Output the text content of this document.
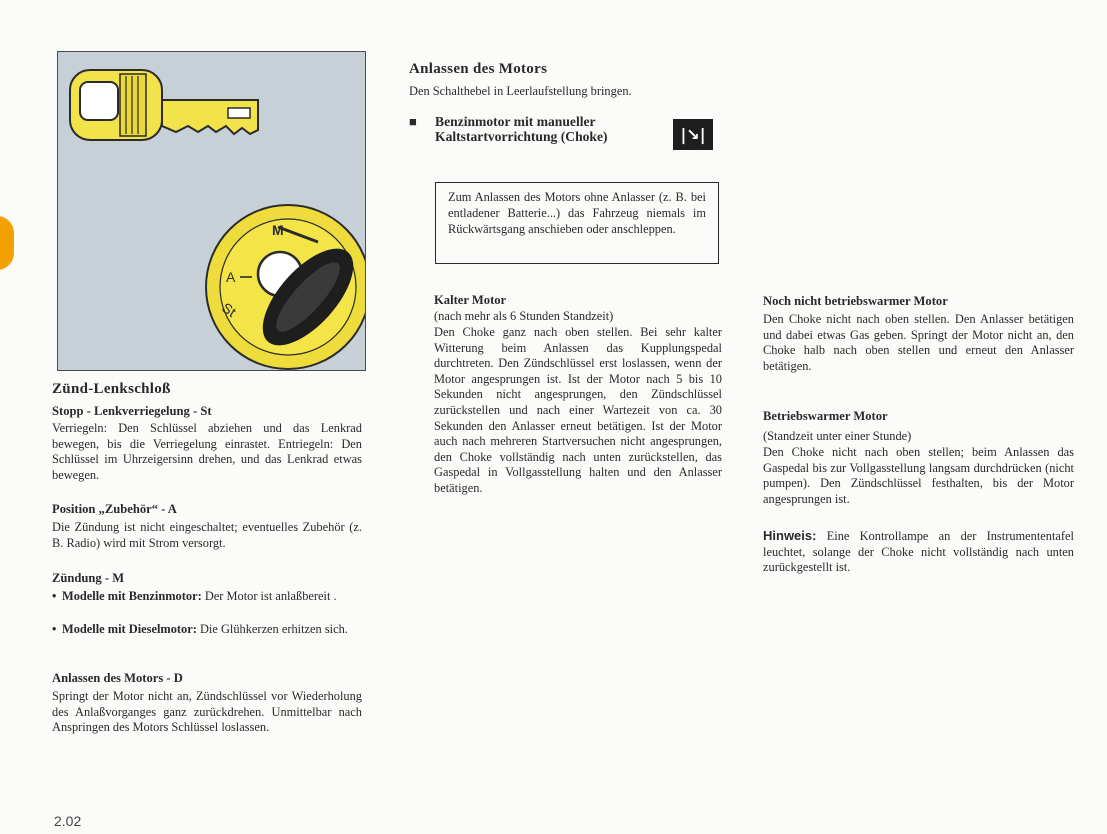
M
A
St
Zünd-Lenkschloß
Stopp - Lenkverriegelung - St

Verriegeln: Den Schlüssel abziehen und das Lenkrad bewegen, bis die Verriegelung einrastet. Entriegeln: Den Schlüssel im Uhrzeigersinn drehen, und das Lenkrad etwas bewegen.

Position „Zubehör“ - A

Die Zündung ist nicht eingeschaltet; eventuelles Zubehör (z. B. Radio) wird mit Strom versorgt.

Zündung - M
• Modelle mit Benzinmotor: Der Motor ist anlaßbereit .
• Modelle mit Dieselmotor: Die Glühkerzen erhitzen sich.
Anlassen des Motors - D

Springt der Motor nicht an, Zündschlüssel vor Wiederholung des Anlaßvorganges ganz zurückdrehen. Unmittelbar nach Anspringen des Motors Schlüssel loslassen.

Anlassen des Motors

Den Schalthebel in Leerlaufstellung bringen.

■ Benzinmotor mit manueller Kaltstartvorrichtung (Choke)	|↘|

Zum Anlassen des Motors ohne Anlasser (z. B. bei entladener Batterie...) das Fahrzeug niemals im Rückwärtsgang anschieben oder anschleppen.

Kalter Motor

(nach mehr als 6 Stunden Standzeit)

Den Choke ganz nach oben stellen. Bei sehr kalter Witterung beim Anlassen das Kupplungspedal durchtreten. Den Zündschlüssel erst loslassen, wenn der Motor angesprungen ist. Ist der Motor nach 5 bis 10 Sekunden nicht angesprungen, den Zündschlüssel zurückstellen und nach einer Wartezeit von ca. 30 Sekunden den Anlasser erneut betätigen. Ist der Motor auch nach mehreren Startversuchen nicht angesprungen, den Choke vollständig nach unten zurückstellen, das Gaspedal in Vollgasstellung halten und den Anlasser betätigen.

Noch nicht betriebswarmer Motor

Den Choke nicht nach oben stellen. Den Anlasser betätigen und dabei etwas Gas geben. Springt der Motor nicht an, den Choke halb nach oben stellen und erneut den Anlasser betätigen.

Betriebswarmer Motor

(Standzeit unter einer Stunde)

Den Choke nicht nach oben stellen; beim Anlassen das Gaspedal bis zur Vollgasstellung langsam durchdrücken (nicht pumpen). Den Zündschlüssel festhalten, bis der Motor angesprungen ist.

Hinweis: Eine Kontrollampe an der Instrumententafel leuchtet, solange der Choke nicht vollständig nach unten zurückgestellt ist.

2.02
